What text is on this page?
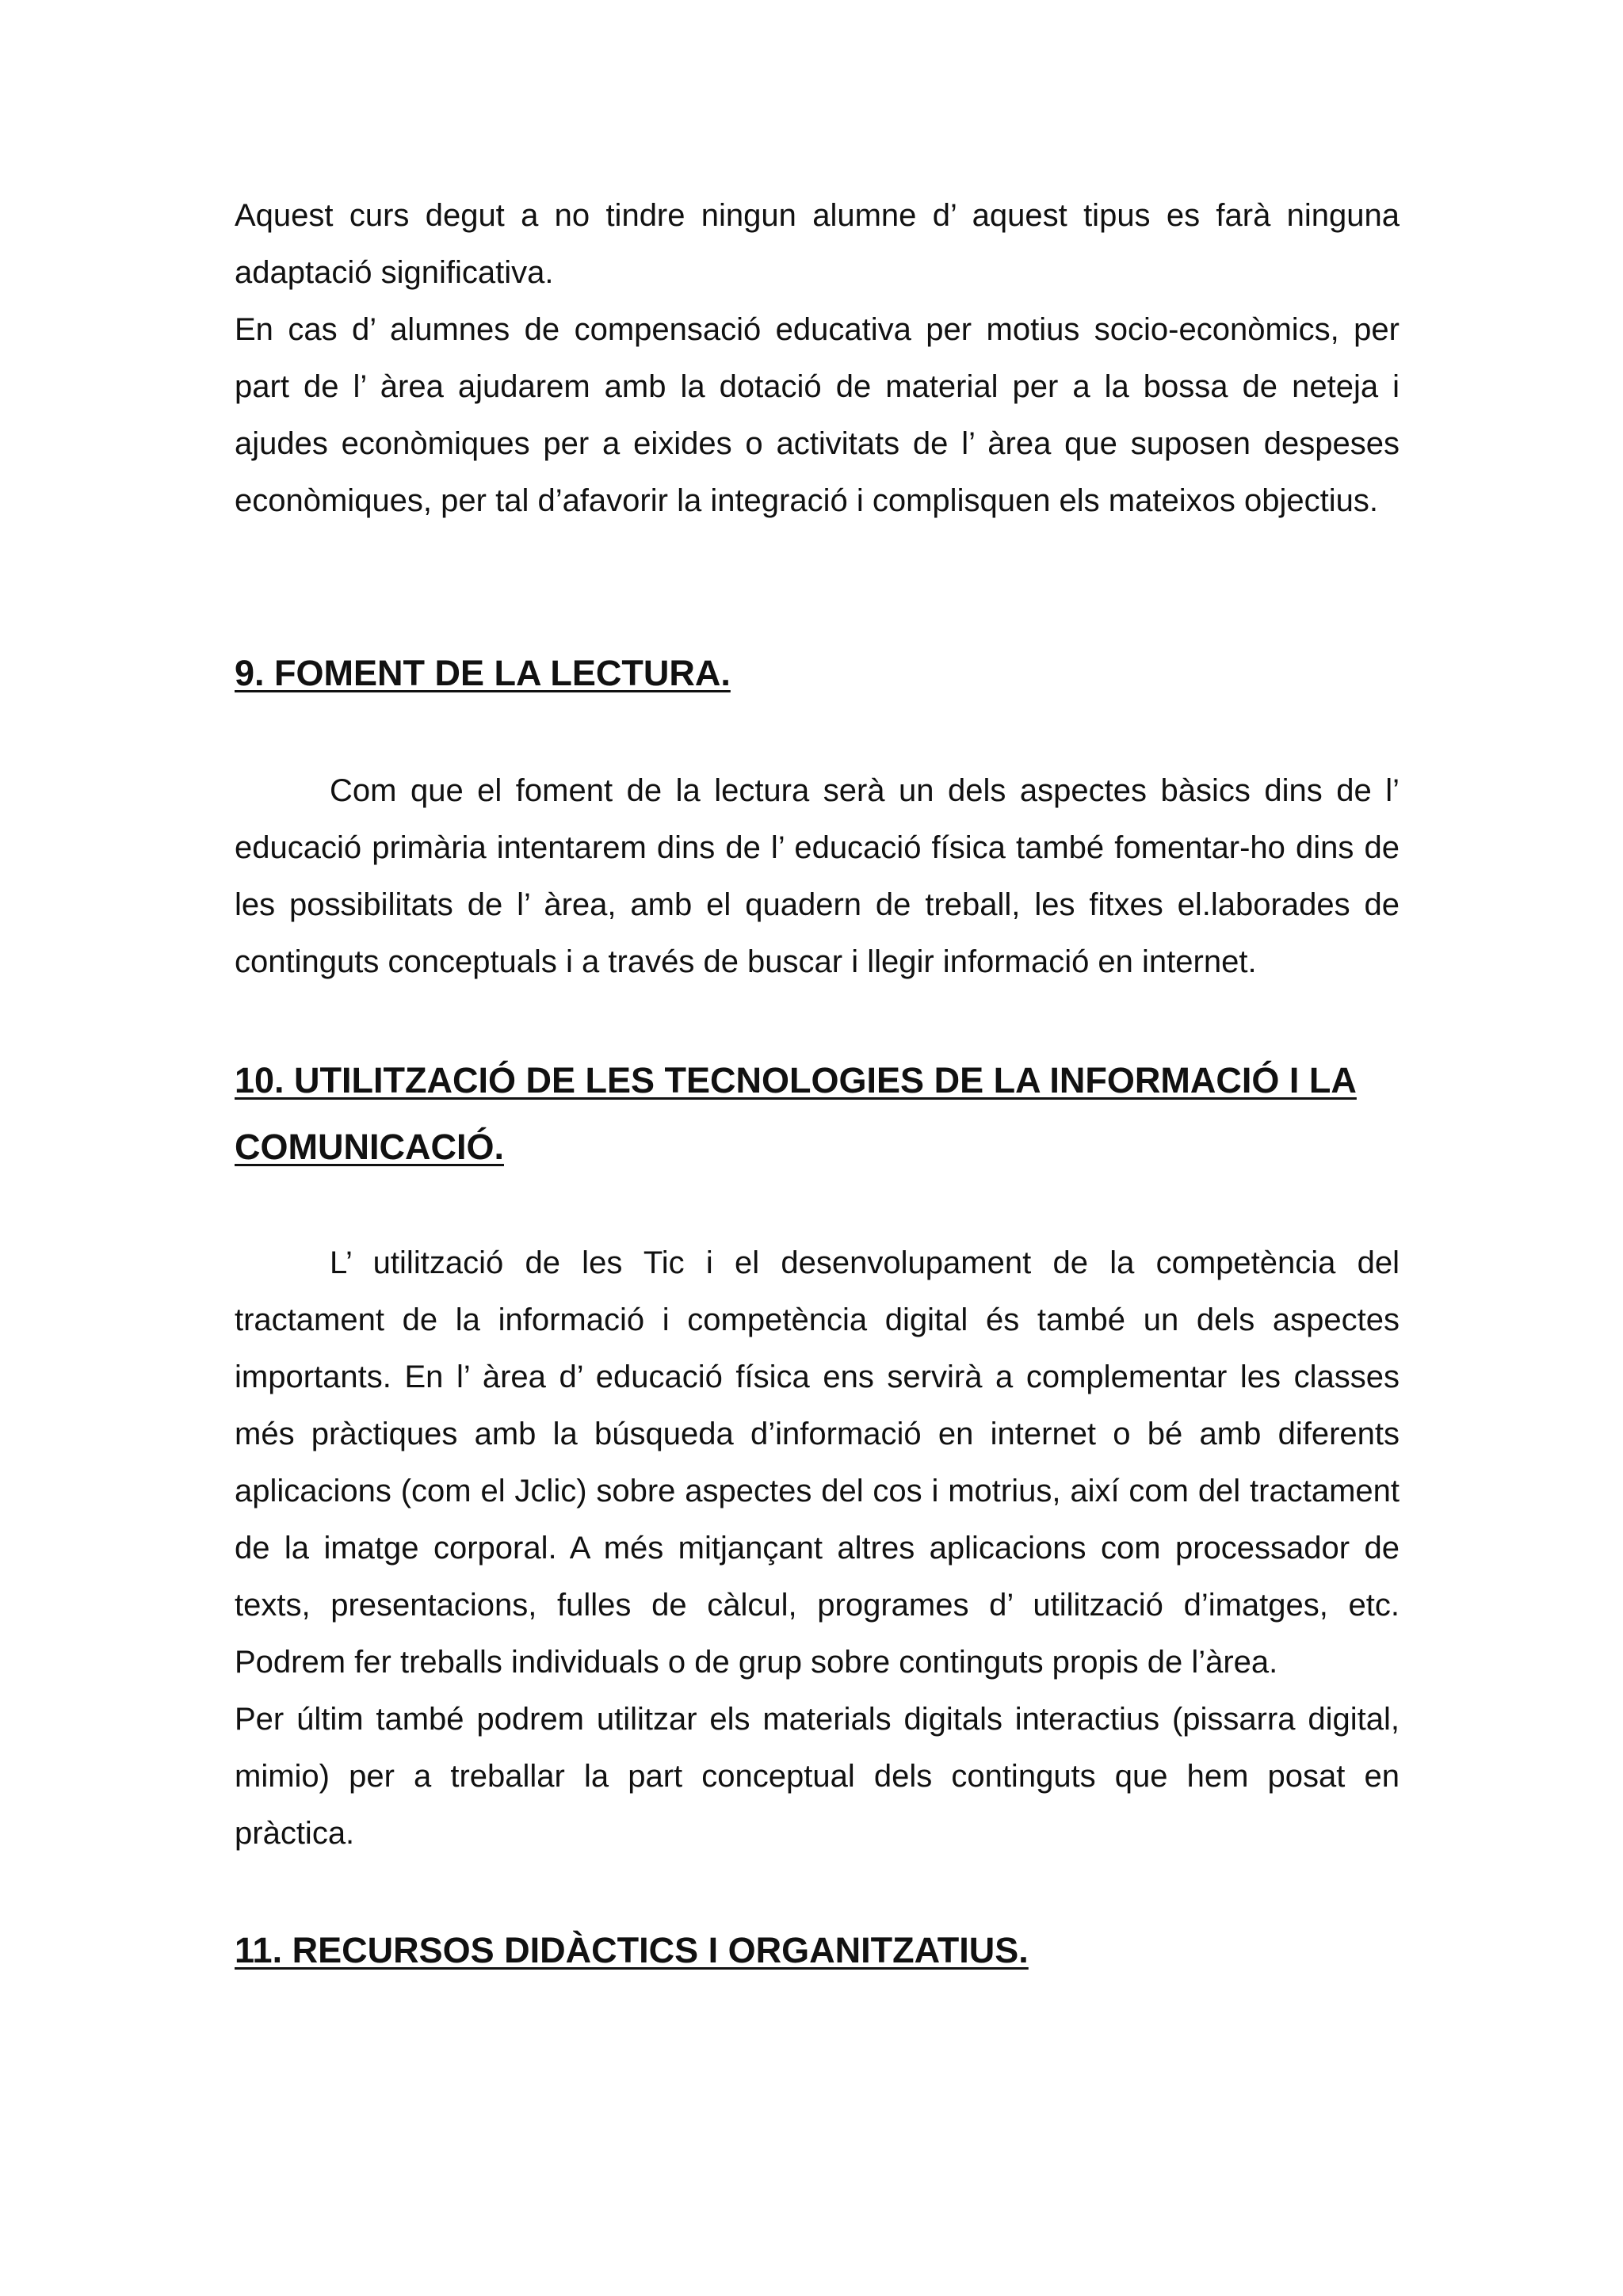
Aquest curs degut a no tindre ningun alumne d’ aquest tipus es farà ninguna adaptació significativa.

En cas d’ alumnes de compensació educativa per motius socio-econòmics, per part de l’ àrea ajudarem amb la dotació de material per a la bossa de neteja i ajudes econòmiques per a eixides o activitats de l’ àrea que suposen despeses econòmiques, per tal d’afavorir la integració i complisquen els mateixos objectius.

9. FOMENT DE LA LECTURA.

Com que el foment de la lectura serà un dels aspectes bàsics dins de l’ educació primària intentarem dins de l’ educació física també fomentar-ho dins de les possibilitats de l’ àrea, amb el quadern de treball, les fitxes el.laborades de continguts conceptuals i a través de buscar i llegir informació en internet.

10. UTILITZACIÓ DE LES TECNOLOGIES DE LA INFORMACIÓ I LA COMUNICACIÓ.

L’ utilització de les Tic i el desenvolupament de la competència del tractament de la informació i competència digital és també un dels aspectes importants. En l’ àrea d’ educació física ens servirà a complementar les classes més pràctiques amb la búsqueda d’informació en internet o bé amb diferents aplicacions (com el Jclic) sobre aspectes del cos i motrius, així com del tractament de la imatge corporal. A més mitjançant altres aplicacions com processador de texts, presentacions, fulles de càlcul, programes d’ utilització d’imatges, etc. Podrem fer treballs individuals o de grup sobre continguts propis de l’àrea.

Per últim també podrem utilitzar els materials digitals interactius (pissarra digital, mimio) per a treballar la part conceptual dels continguts que hem posat en pràctica.

11. RECURSOS DIDÀCTICS I ORGANITZATIUS.
